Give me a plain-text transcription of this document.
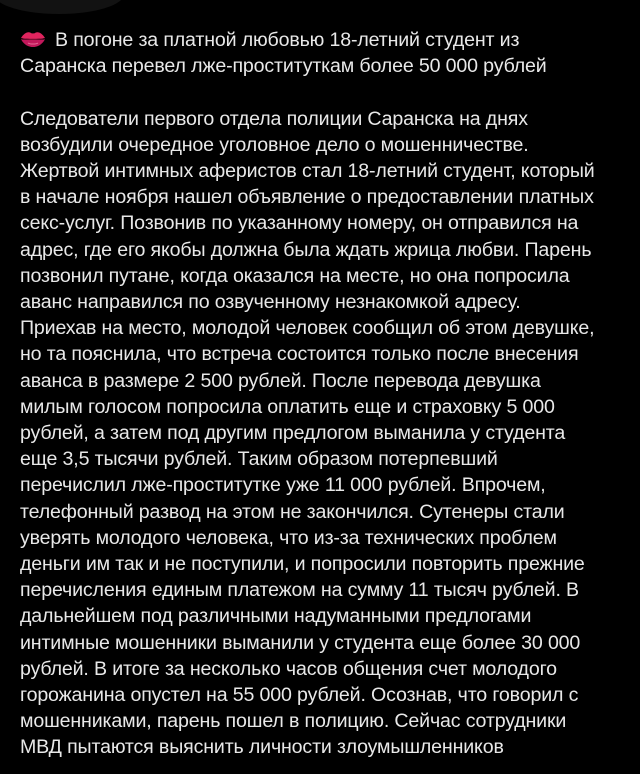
В погоне за платной любовью 18-летний студент из
Саранска перевел лже-проституткам более 50 000 рублей
Следователи первого отдела полиции Саранска на днях
возбудили очередное уголовное дело о мошенничестве.
Жертвой интимных аферистов стал 18-летний студент, который
в начале ноября нашел объявление о предоставлении платных
секс-услуг. Позвонив по указанному номеру, он отправился на
адрес, где его якобы должна была ждать жрица любви. Парень
позвонил путане, когда оказался на месте, но она попросила
аванс направился по озвученному незнакомкой адресу.
Приехав на место, молодой человек сообщил об этом девушке,
но та пояснила, что встреча состоится только после внесения
аванса в размере 2 500 рублей. После перевода девушка
милым голосом попросила оплатить еще и страховку 5 000
рублей, а затем под другим предлогом выманила у студента
еще 3,5 тысячи рублей. Таким образом потерпевший
перечислил лже-проститутке уже 11 000 рублей. Впрочем,
телефонный развод на этом не закончился. Сутенеры стали
уверять молодого человека, что из-за технических проблем
деньги им так и не поступили, и попросили повторить прежние
перечисления единым платежом на сумму 11 тысяч рублей. В
дальнейшем под различными надуманными предлогами
интимные мошенники выманили у студента еще более 30 000
рублей. В итоге за несколько часов общения счет молодого
горожанина опустел на 55 000 рублей. Осознав, что говорил с
мошенниками, парень пошел в полицию. Сейчас сотрудники
МВД пытаются выяснить личности злоумышленников
